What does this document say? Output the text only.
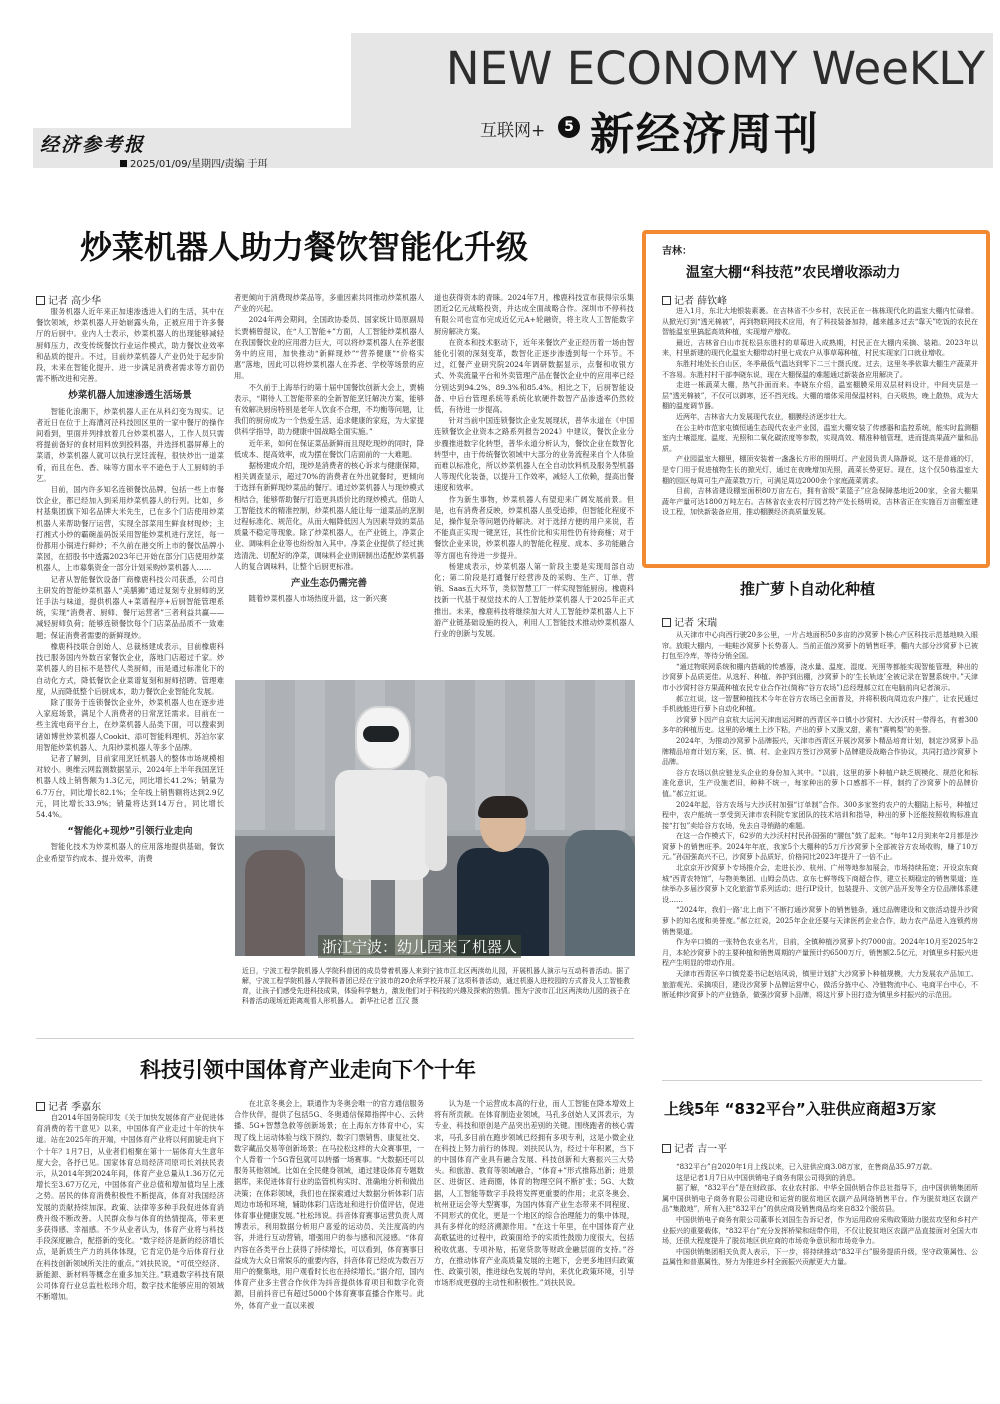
NEW ECONOMY WeeKLY
互联网+	5 新经济周刊
经济参考报
2025/01/09/星期四/责编 于珥
炒菜机器人助力餐饮智能化升级
记者 高少华

服务机器人近年来正加速渗透进入们的生活，其中在餐饮领域，炒菜机器人开始崭露头角，正被应用于许多餐厅的后厨中。业内人士表示，炒菜机器人的出现能够减轻厨师压力，改变传统餐饮行业运作模式，助力餐饮业效率和品质的提升。不过，目前炒菜机器人产业仍处于起步阶段，未来在智能化提升、进一步满足消费者需求等方面仍需不断改进和完善。

炒菜机器人加速渗透生活场景

智能化浪潮下，炒菜机器人正在从科幻变为现实。记者近日在位于上海漕河泾科技园区里的一家中餐厅的操作间看到，里面并列排放着几台炒菜机器人，工作人员只需将提前备好的食材用料放到投料器，并选择机器屏幕上的菜谱，炒菜机器人就可以执行烹饪流程，很快炒出一道菜肴，而且在色、香、味等方面水平不逊色于人工厨师的手艺。

目前，国内许多知名连锁餐饮品牌，包括一些上市餐饮企业，都已经加入到采用炒菜机器人的行列。比如，乡村基集团旗下知名品牌大米先生，已在多个门店使用炒菜机器人来帮助餐厅运营，实现全部菜用生鲜食材现炒；主打湘式小炒的霸碗盖码饭采用智能炒菜机进行烹饪，每一份都用小锅进行鲜炒；不久前在港交所上市的餐饮品牌小菜园，在招股书中透露2023年已开始在部分门店使用炒菜机器人，上市募集资金一部分计划采购炒菜机器人……

记者从智能餐饮设备厂商橡鹿科技公司获悉，公司自主研发的智能炒菜机器人“美膳狮”通过复刻专业厨师的烹饪手法与味道，提供机器人+菜谱程序+后厨智能管理系统，实现“消费者、厨师、餐厅运营者”三者利益共赢——减轻厨师负荷；能够连锁餐饮每个门店菜品品质不一致难题；保证消费者需要的新鲜现炒。

橡鹿科技联合创始人、总裁杨建成表示，目前橡鹿科技已服务国内外数百家餐饮企业，落地门店超过千家。炒菜机器人的目标不是替代人类厨师，而是通过标准化下的自动化方式，降低餐饮企业菜谱复刻和厨师招聘、管理难度，从而降低整个后厨成本，助力餐饮企业智能化发展。

除了服务于连锁餐饮企业外，炒菜机器人也在逐步进入家庭场景，满足个人消费者的日常烹饪需求。目前在一些主流电商平台上，在炒菜机器人品类下面，可以搜索到诸如博世炒菜机器人Cookit、添可智能料理机、苏泊尔家用智能炒菜机器人、九阳炒菜机器人等多个品牌。

记者了解到，目前家用烹饪机器人的整体市场规模相对较小。奥维云网监测数据显示，2024年上半年我国烹饪机器人线上销售额为1.3亿元，同比增长41.2%；销量为6.7万台，同比增长82.1%；全年线上销售额将达到2.9亿元，同比增长33.9%；销量将达到14万台，同比增长54.4%。

“智能化+现炒”引领行业走向

智能化技术为炒菜机器人的应用落地提供基础，餐饮企业希望节约成本、提升效率，消费

者更倾向于消费现炒菜品等，多重因素共同推动炒菜机器人产业的兴起。

2024年两会期间，全国政协委员、国家统计局原副局长贾楠曾提议，在“人工智能+”方面，人工智能炒菜机器人在我国餐饮业的应用潜力巨大，可以将炒菜机器人在养老服务中的应用，加快推动“新鲜现炒”“营养健康”“价格实惠”落地，因此可以将炒菜机器人在养老、学校等场景的应用。

不久前于上海举行的第十届中国餐饮创新大会上，贾楠表示，“期待人工智能带来的全新智能烹饪解决方案，能够有效解决厨房特别是老年人饮食不合理，不均衡等问题，让我们的厨房成为一个热爱生活、追求健康的家庭，为大家提供科学指导，助力健康中国战略全面实施。”

近年来，如何在保证菜品新鲜而且现吃现炒的同时，降低成本、提高效率，成为摆在餐饮门店面前的一大难题。

据杨建成介绍，现炒是消费者的核心诉求与健康保障，相关调查显示，超过70%的消费者在外出就餐时，更倾向于选择有新鲜现炒菜品的餐厅。通过炒菜机器人与现炒模式相结合，能够帮助餐厅打造更具质价比的现炒模式。借助人工智能技术的精准控制，炒菜机器人能让每一道菜品的烹制过程标准化、规范化，从而大幅降低因人为因素导致的菜品质量不稳定等现象。除了炒菜机器人，在产业链上，净菜企业、调味料企业等也纷纷加入其中。净菜企业提供了经过挑选清洗、切配好的净菜，调味料企业则研制出适配炒菜机器人的复合调味料，让整个后厨更标准。

产业生态仍需完善

随着炒菜机器人市场热度升温，这一新兴赛

道也获得资本的青睐。2024年7月，橡鹿科技宣布获得宗乐集团近2亿元战略投资，并达成全面战略合作。深圳市不停科技有限公司也宣布完成近亿元A+轮融资，将主攻人工智能数字厨房解决方案。

在资本和技术驱动下，近年来餐饮产业正经历着一场由智能化引领的深刻变革，数智化正逐步渗透到每一个环节。不过，红餐产业研究院2024年调研数据显示，点餐和收银方式、外卖流量平台和外卖管理产品在餐饮企业中的应用率已经分别达到94.2%、89.3%和85.4%。相比之下，后厨智能设备、中后台管理系统等系统化软硬件数智产品渗透率仍然较低，有待进一步提高。

针对当前中国连锁餐饮企业发展现状，普华永道在《中国连锁餐饮企业资本之路系列报告2024》中建议，餐饮企业分步骤推进数字化转型，普华永道分析认为，餐饮企业在数智化转型中，由于传统餐饮领域中大部分的业务流程来自个人体验而难以标准化，所以炒菜机器人在全自动饮料机及服务型机器人等现代化装备，以提升工作效率，减轻人工依赖，提高出餐速度和效率。

作为新生事物，炒菜机器人有望迎来广阔发展前景。但是，也有消费者反映，炒菜机器人虽受追捧，但智能化程度不足，操作复杂等问题仍待解决。对于选择方便的用户来说，若不能真正实现一键烹饪，其性价比和实用性仍有待商榷；对于餐饮企业来说，炒菜机器人的智能化程度、成本、多功能融合等方面也有待进一步提升。

杨建成表示，炒菜机器人第一阶段主要是实现局部自动化；第二阶段是打通餐厅经营涉及的采购、生产、订单、营销、Saas五大环节，类似智慧工厂一样实现智能厨房。橡鹿科技新一代基于视觉技术的人工智能炒菜机器人于2025年正式推出。未来，橡鹿科技将继续加大对人工智能炒菜机器人上下游产业链基础设施的投入，利用人工智能技术推动炒菜机器人行业的创新与发展。

浙江宁波：幼儿园来了机器人
近日，宁波工程学院机器人学院科普团的成员带着机器人来到宁波市江北区两渎幼儿园，开展机器人演示与互动科普活动。据了解，宁波工程学院机器人学院科普团已经在宁波市的20余所学校开展了这项科普活动，通过机器人进校园的方式普及人工智能教育，让孩子们感受先进科技成果，体验科学魅力，激发他们对于科技的兴趣及探索的热情。图为宁波市江北区两渎幼儿园的孩子在科普活动现场近距离观看人形机器人。 新华社记者 江汉 摄
科技引领中国体育产业走向下个十年
记者 季嘉东

自2014年国务院印发《关于加快发展体育产业促进体育消费的若干意见》以来，中国体育产业走过十年的快车道。站在2025年的开端，中国体育产业将以何面貌走向下个十年？1月7日，从业者们相聚在第十一届体育大生意年度大会，各抒已见。国家体育总局经济司原司长刘扶民表示，从2014年到2024年间，体育产业总量从1.36万亿元增长至3.67万亿元，中国体育产业总值和增加值均呈上涨之势。居民的体育消费积极性不断提高，体育对我国经济发展的贡献持续加深。政策、法律等多种手段促进体育消费升级不断改善。人民群众参与体育的热情提高，带来更多获得感、幸福感。不少从业者认为，体育产业将与科技手段深度融合，配搭新的变化。“数字经济是新的经济增长点，是新质生产力的具体体现，它肯定仍是今后体育行业在科技创新领域所关注的重点。”刘扶民说，“可低空经济、新能源、新材料等概念在重多加关注。”联通数字科技有限公司体育行业总监杜松玮介绍，数字技术能够应用的领域不断增加。

在北京冬奥会上，联通作为冬奥会唯一的官方通信服务合作伙伴，提供了包括5G、冬奥通信保障指挥中心、云转播、5G+智慧急救等创新场景；在上海东方体育中心，实现了线上运动体验与线下预约、数字门票销售、康复社交、数字藏品交易等创新场景；在马拉松这样的大众赛事里，一个人背着一个5G背包就可以转播一场赛事。“大数据还可以服务其他领域。比如在全民健身领域，通过建设体育专题数据库，来促进体育行业的监管机构实时、准确地分析和做出决策；在体彩领域，我们也在探索通过大数据分析体彩门店周边市场和环境，辅助体彩门店选址和进行价值评估，促进体育事业健康发展。”杜松玮说。抖音体育赛事运营负责人周博表示，利用数据分析用户喜爱的运动员、关注度高的内容，并进行互动营销，增强用户的参与感和沉浸感。“体育内容在各类平台上获得了持续增长，可以看到，体育赛事日益成为大众日常娱乐的重要内容，抖音体育已经成为数百万用户的聚集地，用户观看时长也在持续增长。”据介绍，国内体育产业多主营合作伙伴为抖音提供体育项目和数字化资源，目前抖音已有超过5000个体育赛事直播合作账号。此外，体育产业一直以来被

认为是一个运营成本高的行业，而人工智能在降本增效上将有所贡献。在体育制造业领域，马孔多创始人叉洱表示，为专业、科技和原创是产品突出差别的关键。围绕跑者的核心需求，马孔多目前在跑步领域已经拥有多项专利，这是小微企业在科技上努力前行的体现。刘扶民认为，经过十年积累，当下的中国体育产业具有融合发展、科技创新和大赛振兴三大势头。和旅游、教育等领域融合，“体育+”形式推陈出新；进景区、进街区、进商圈，体育的物理空间不断扩张；5G、大数据，人工智能等数字手段将发挥更重要的作用；北京冬奥会、杭州亚运会等大型赛事，为国内体育产业生态带来不同程度、不同形式的优化，更是一个地区的综合治理能力的集中体现，具有多样化的经济溯源作用。“在这十年里，在中国体育产业高歌猛进的过程中，政策面给予的实质性鼓励力度很大，包括税收优惠、专项补贴，拓宽贷款等财政金融层面的支持。”谷方，在推动体育产业高质量发展的主题下，会更多地回归政策性、政策引领，推进绿色发展的导向，来优化政策环境，引导市场形成更强的主动性和积极性。”刘扶民说。

吉林：
温室大棚“科技范”农民增收添动力
记者 薛钦峰

进入1月，东北大地银装素裹。在吉林省不少乡村，农民正在一栋栋现代化的温室大棚内忙碌着。从掀光灯到“透光棉被”，再到物联网技术应用，有了科技装备加持，越来越多过去“靠天”吃饭的农民在智能温室里搞起高效种植，实现增产增收。

最近，吉林省白山市抚松县东胜村的草莓进入成熟期，村民正在大棚内采摘、装箱。2023年以来，村里新建的现代化温室大棚带动村里七成农户从事草莓种植，村民实现家门口就业增收。

东胜村地处长白山区，冬季最低气温达到零下二三十摄氏度。过去，这里冬季依靠大棚生产蔬菜并不容易。东胜村村干部李晓东说，现在大棚保温的难题通过新装备应用解决了。

走进一栋蔬菜大棚，热气扑面而来。李晓东介绍，温室棚膜采用双层材料设计，中间夹层是一层“透光棉被”，不仅可以御寒，还不挡光线。大棚的墙体采用保温材料，白天吸热，晚上散热，成为大棚的温度调节器。

近两年，吉林省大力发展现代农业，棚膜经济逐步壮大。

在公主岭市范家屯镇恒通生态现代农业产业园，温室大棚安装了传感器和监控系统，能实时监测棚室内土壤湿度、温度、光照和二氧化碳浓度等参数，实现高效、精准种植管理，进而提高果蔬产量和品质。

产业园温室大棚里，棚顶安装着一盏盏长方形的照明灯。产业园负责人陈静说，这不是普通的灯，是专门用于促进植物生长的掀光灯，通过在夜晚增加光照，蔬菜长势更好。现在，这个仅50栋温室大棚的园区每周可生产蔬菜数万斤，可满足周边2000余个家庭蔬菜需求。

目前，吉林省建设棚室面积80万亩左右，拥有省级“菜篮子”应急保障基地近200家，全省大棚果蔬年产量可达1800万吨左右。吉林省农业农村厅园艺特产处长杨明说，吉林省正在实施百万亩棚室建设工程，加快新装备应用，推动棚膜经济高质量发展。

推广萝卜自动化种植
记者 宋瑞

从天津市中心向西行驶20多公里，一片占地面积50多亩的沙窝萝卜核心产区科技示范基地映入眼帘。放眼大棚内，一畦畦沙窝萝卜长势喜人。当前正值沙窝萝卜的销售旺季，棚内大部分沙窝萝卜已被打包至冷库，等待分销全国。

“通过物联网系统和棚内搭载的传感器，浇水量、温度、湿度、光照等都能实现智能管理，种出的沙窝萝卜品质更佳。从选籽、种植、养护到出棚，沙窝萝卜的‘生长轨迹’全被记录在智慧系统中。”天津市小沙窝村谷方果蔬种植农民专业合作社(简称“谷方农场”)总经理郝立红在电脑前向记者演示。

郝立红说，这一智慧种植技术今年在谷方农场已全面普及，并将积极向周边农户推广，让农民通过手机就能进行萝卜自动化种植。

沙窝萝卜因产自京杭大运河天津南运河畔的西青区辛口镇小沙窝村、大沙沃村一带得名，有着300多年的种植历史。这里的砂壤土上沙下粘，产出的萝卜又脆又甜，素有“赛鸭梨”的美誉。

2024年，为推动沙窝萝卜品牌振兴，天津市西青区开展沙窝萝卜精品培育计划，制定沙窝萝卜品牌精品培育计划方案，区、镇、村、企业四方签订沙窝萝卜品牌建设战略合作协议，共同打造沙窝萝卜品牌。

谷方农场以供应链龙头企业的身份加入其中。“以前，这里的萝卜种植户缺乏规模化、规范化和标准化意识，生产设施老旧，种种不统一，每家种出的萝卜口感都不一样，制约了沙窝萝卜的品牌价值。”郝立红说。

2024年起，谷方农场与大沙沃村加强“订单制”合作。300多家签约农户的大棚陆上标号，种植过程中，农户能统一享受到天津市农科院专家团队的技术培训和指导，种出的萝卜还能按照收购标准直接“打包”卖给谷方农场，免去自寻销路的难题。

在这一合作模式下，62岁的大沙沃村村民孙国强的“腰包”鼓了起来。“每年12月到来年2月都是沙窝萝卜的销售旺季。2024年年底，我家5个大棚种的5万斤沙窝萝卜全部被谷方农场收购，赚了10万元。”孙国强高兴不已，沙窝萝卜品质好，价格同比2023年提升了一倍不止。

北京京开沙窝萝卜专场推介会，走进长沙、杭州、广州等地参加展会，市场持续拓宽；开设京东商城“西青农特馆”，与物美集团、山姆会员店、京东七鲜等线下商超合作，建立长期稳定的销售渠道；连续举办多届沙窝萝卜文化旅游节系列活动；进行IP设计，包装提升、文创产品开发等全方位品牌体系建设……

“2024年，我们一路‘北上南下’不断打通沙窝萝卜的销售链条，通过品牌建设和文旅活动提升沙窝萝卜的知名度和美誉度。”郝立红说，2025年企业还要与天津医药企业合作，助力农产品进入连锁药房销售渠道。

作为辛口镇的一张特色农业名片，目前，全镇种植沙窝萝卜约7000亩。2024年10月至2025年2月，本轮沙窝萝卜的主要种植和销售周期的产量预计约6500万斤，销售额2.5亿元，对镇里乡村振兴进程产生明显的带动作用。

天津市西青区辛口镇党委书记赵培风说，镇里计划扩大沙窝萝卜种植规模，大力发展农产品加工、旅游观光、采摘项目，建设沙窝萝卜品牌运营中心，做活分拣中心、冷链物流中心、电商平台中心，不断延伸沙窝萝卜的产业链条，做强沙窝萝卜品牌，将这片萝卜田打造为镇里乡村振兴的示范田。

上线5年 “832平台”入驻供应商超3万家
记者 吉一平

“832平台”自2020年1月上线以来，已入驻供应商3.08万家，在售商品35.97万款。

这是记者1月7日从中国供销电子商务有限公司得到的消息。

据了解，“832平台”是在财政部、农业农村部、中华全国供销合作总社指导下，由中国供销集团所属中国供销电子商务有限公司建设和运营的脱贫地区农副产品网络销售平台。作为脱贫地区农副产品“集散地”，所有入驻“832平台”的供应商及销售商品均来自832个脱贫县。

中国供销电子商务有限公司董事长刘国生告诉记者，作为运用政府采购政策助力脱贫攻坚和乡村产业振兴的重要载体，“832平台”充分发挥桥梁和纽带作用，不仅让脱贫地区农副产品直接面对全国大市场，还很大程度提升了脱贫地区供应商的市场竞争意识和市场竞争力。

中国供销集团相关负责人表示，下一步，将持续推动“832平台”服务提质升级，坚守政策属性、公益属性和普惠属性，努力为推进乡村全面振兴贡献更大力量。
